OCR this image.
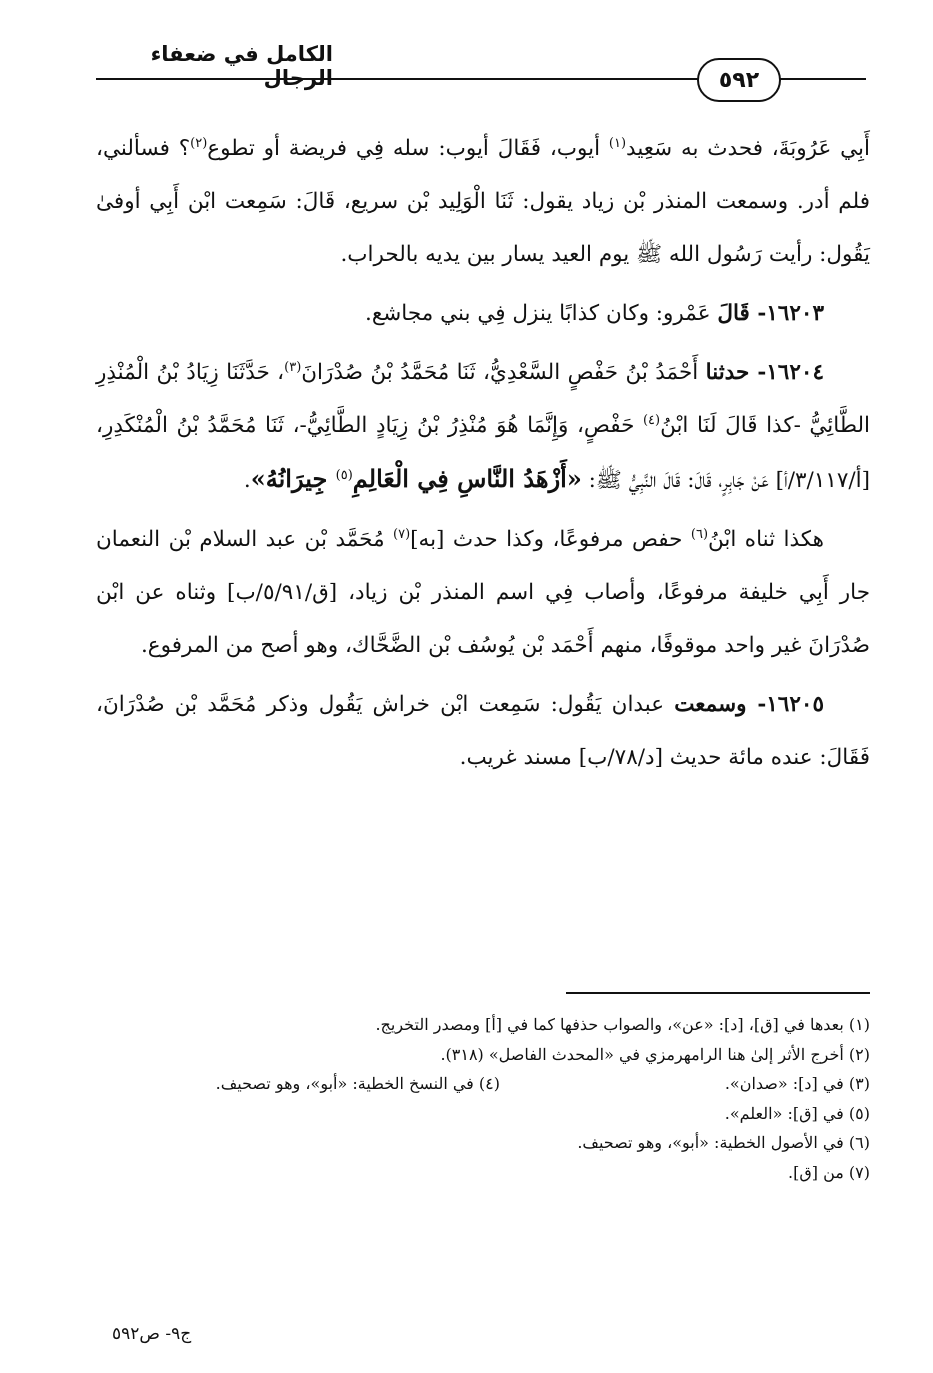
الكامل في ضعفاء الرجال	٥٩٢

أَبِي عَرُوبَةَ، فحدث به سَعِيد$^{(١)}$ أيوب، فَقَالَ أيوب: سله فِي فريضة أو تطوع$^{(٢)}$؟ فسألني، فلم أدر. وسمعت المنذر بْن زياد يقول: ثَنَا الْوَلِيد بْن سريع، قَالَ: سَمِعت ابْن أَبِي أوفىٰ يَقُول: رأيت رَسُول الله ﷺ يوم العيد يسار بين يديه بالحراب.

١٦٢٠٣- قَالَ عَمْرو: وكان كذابًا ينزل فِي بني مجاشع.

١٦٢٠٤- حدثنا أَحْمَدُ بْنُ حَفْصٍ السَّعْدِيُّ، ثَنَا مُحَمَّدُ بْنُ صُدْرَانَ$^{(٣)}$، حَدَّثَنَا زِيَادُ بْنُ الْمُنْذِرِ الطَّائِيُّ -كذا قَالَ لَنَا ابْنُ$^{(٤)}$ حَفْصٍ، وَإِنَّمَا هُوَ مُنْذِرُ بْنُ زِيَادٍ الطَّائِيُّ-، ثَنَا مُحَمَّدُ بْنُ الْمُنْكَدِرِ، [أ/٣/١١٧/أ] عَنْ جَابِرٍ، قَالَ: قَالَ النَّبِيُّ ﷺ: «أَزْهَدُ النَّاسِ فِي الْعَالِمِ$^{(٥)}$ جِيرَانُهُ».

هكذا ثناه ابْنُ$^{(٦)}$ حفص مرفوعًا، وكذا حدث [به]$^{(٧)}$ مُحَمَّد بْن عبد السلام بْن النعمان جار أَبِي خليفة مرفوعًا، وأصاب فِي اسم المنذر بْن زياد، [ق/٥/٩١/ب] وثناه عن ابْن صُدْرَانَ غير واحد موقوفًا، منهم أَحْمَد بْن يُوسُف بْن الضَّحَّاك، وهو أصح من المرفوع.

١٦٢٠٥- وسمعت عبدان يَقُول: سَمِعت ابْن خراش يَقُول وذكر مُحَمَّد بْن صُدْرَانَ، فَقَالَ: عنده مائة حديث [د/٧٨/ب] مسند غريب.

(١) بعدها في [ق]، [د]: «عن»، والصواب حذفها كما في [أ] ومصدر التخريج.

(٢) أخرج الأثر إلىٰ هنا الرامهرمزي في «المحدث الفاصل» (٣١٨).

(٣) في [د]: «صدان».

(٤) في النسخ الخطية: «أبو»، وهو تصحيف.

(٥) في [ق]: «العلم».

(٦) في الأصول الخطية: «أبو»، وهو تصحيف.

(٧) من [ق].

ج٩- ص٥٩٢
